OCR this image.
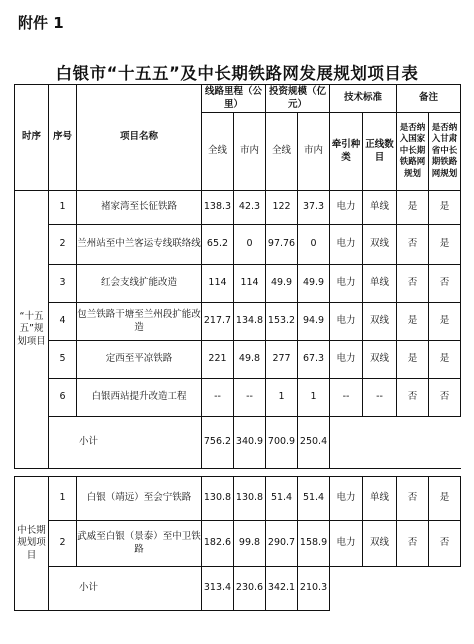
附件 1
白银市“十五五”及中长期铁路网发展规划项目表
时序	序号	项目名称	线路里程（公里）		投资规模（亿元）		技术标准		备注	
			全线	市内	全线	市内	牵引种类	正线数目	是否纳入国家中长期铁路网规划	是否纳入甘肃省中长期铁路网规划
“十五五”规划项目	1	褚家湾至长征铁路	138.3	42.3	122	37.3	电力	单线	是	是
	2	兰州站至中兰客运专线联络线	65.2	0	97.76	0	电力	双线	否	是
	3	红会支线扩能改造	114	114	49.9	49.9	电力	单线	否	否
	4	包兰铁路干塘至兰州段扩能改造	217.7	134.8	153.2	94.9	电力	双线	是	是
	5	定西至平凉铁路	221	49.8	277	67.3	电力	双线	是	是
	6	白银西站提升改造工程	--	--	1	1	--	--	否	否
	小计		756.2	340.9	700.9	250.4				

中长期规划项目	1	白银（靖远）至会宁铁路	130.8	130.8	51.4	51.4	电力	单线	否	是
	2	武威至白银（景泰）至中卫铁路	182.6	99.8	290.7	158.9	电力	双线	否	否
	小计		313.4	230.6	342.1	210.3				
